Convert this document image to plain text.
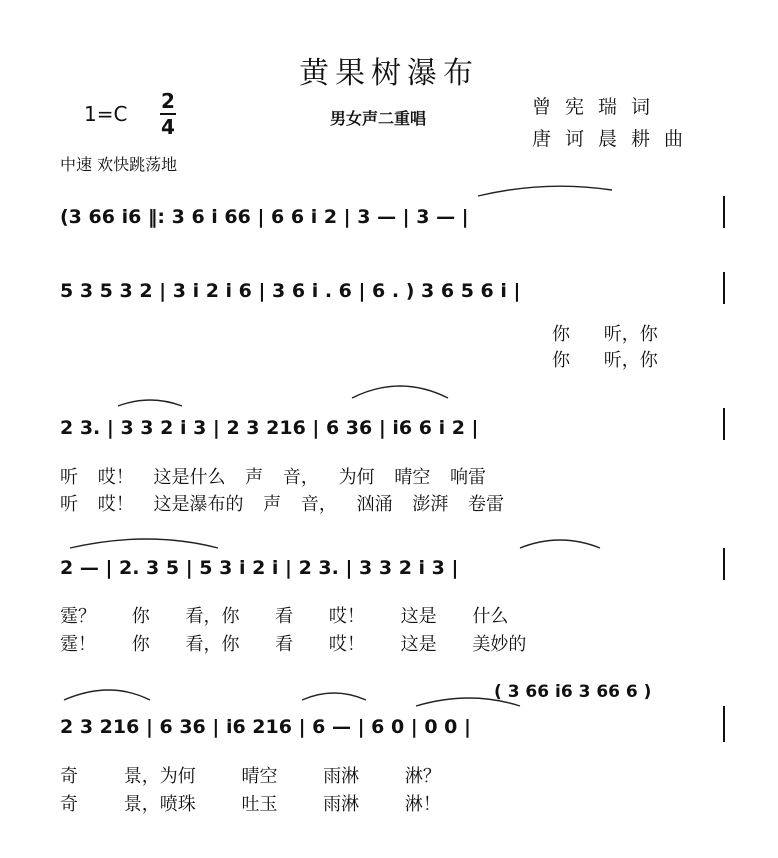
黄果树瀑布
1=C
2
4	男女声二重唱
曾宪瑞词
唐诃晨耕曲
中速 欢快跳荡地
(3 66 i6 ‖: 3 6 i 66 | 6 6 i 2 | 3 — | 3 — |
5 3 5 3 2 | 3 i 2 i 6 | 3 6 i . 6 | 6 . ) 3 6 5 6 i |
你 听，你
你 听，你
2 3. | 3 3 2 i 3 | 2 3 216 | 6 36 | i6 6 i 2 |
听 哎！ 这是什么 声 音， 为何 晴空 响雷
听 哎！ 这是瀑布的 声 音， 汹涌 澎湃 卷雷
2 — | 2. 3 5 | 5 3 i 2 i | 2 3. | 3 3 2 i 3 |
霆？ 你 看，你 看 哎！ 这是 什么
霆！ 你 看，你 看 哎！ 这是 美妙的
( 3 66 i6 3 66 6 )
2 3 216 | 6 36 | i6 216 | 6 — | 6 0 | 0 0 |
奇 景，为何 晴空 雨淋 淋？
奇 景，喷珠 吐玉 雨淋 淋！
